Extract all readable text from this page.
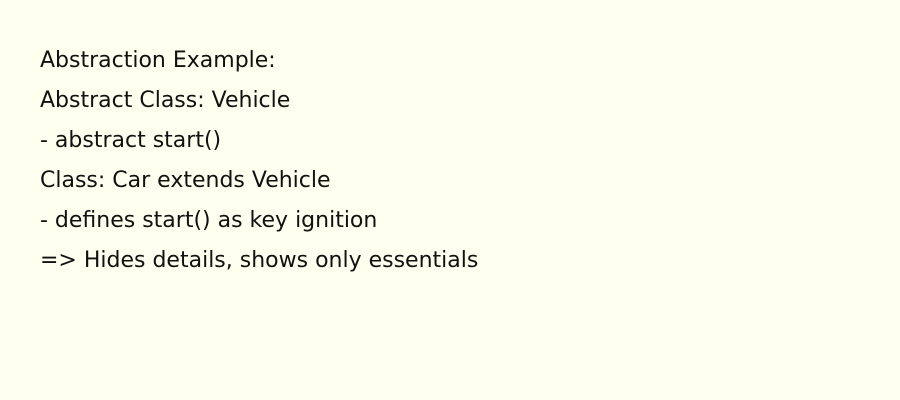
Abstraction Example:
Abstract Class: Vehicle
- abstract start()
Class: Car extends Vehicle
- defines start() as key ignition
=> Hides details, shows only essentials
